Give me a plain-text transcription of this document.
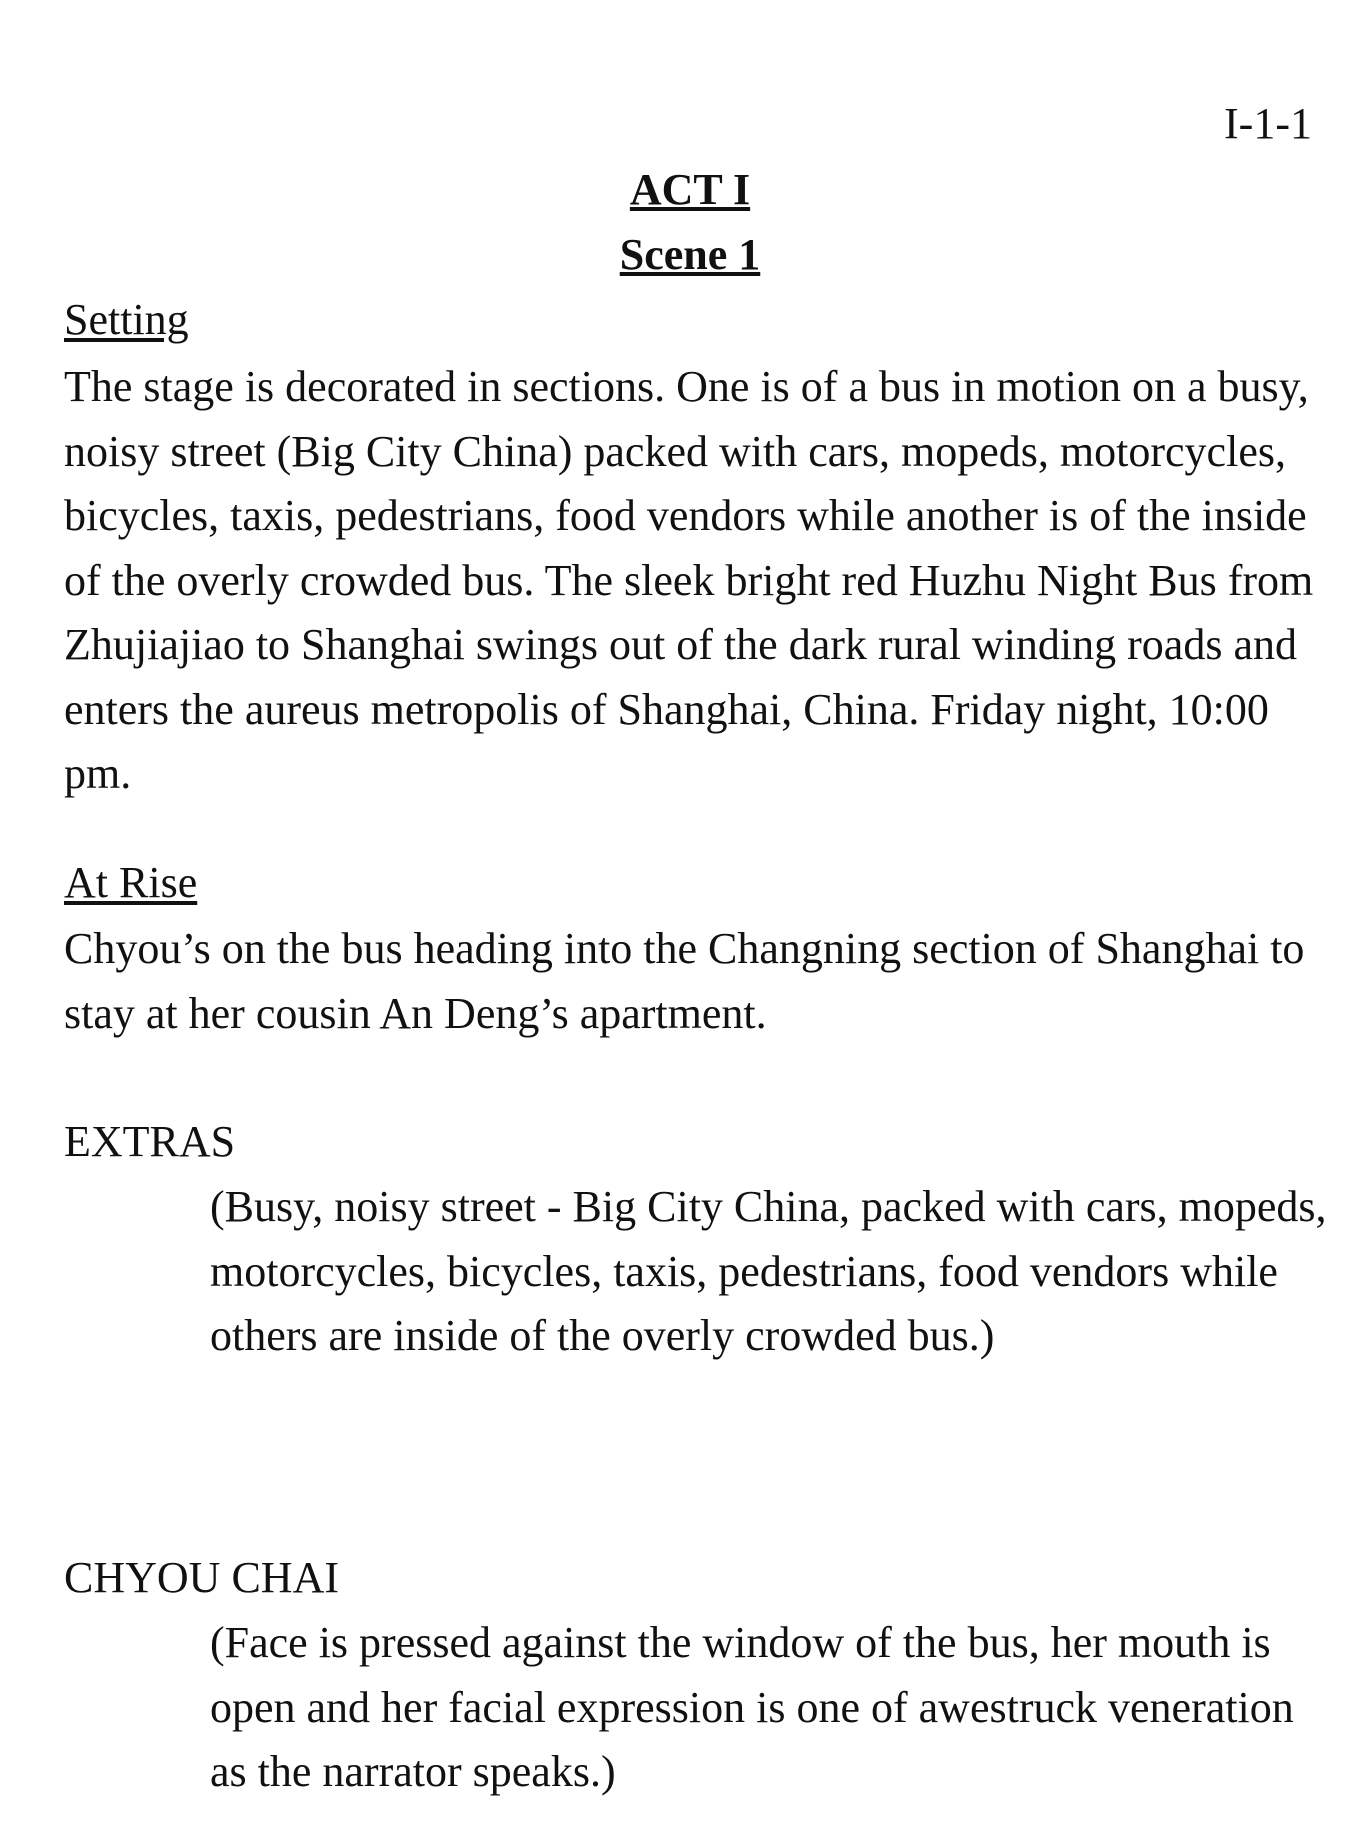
I-1-1
ACT I
Scene 1
Setting

The stage is decorated in sections. One is of a bus in motion on a busy, noisy street (Big City China) packed with cars, mopeds, motorcycles, bicycles, taxis, pedestrians, food vendors while another is of the inside of the overly crowded bus. The sleek bright red Huzhu Night Bus from Zhujiajiao to Shanghai swings out of the dark rural winding roads and enters the aureus metropolis of Shanghai, China. Friday night, 10:00 pm.

At Rise

Chyou’s on the bus heading into the Changning section of Shanghai to stay at her cousin An Deng’s apartment.

EXTRAS

(Busy, noisy street - Big City China, packed with cars, mopeds, motorcycles, bicycles, taxis, pedestrians, food vendors while others are inside of the overly crowded bus.)

CHYOU CHAI

(Face is pressed against the window of the bus, her mouth is open and her facial expression is one of awestruck veneration as the narrator speaks.)
